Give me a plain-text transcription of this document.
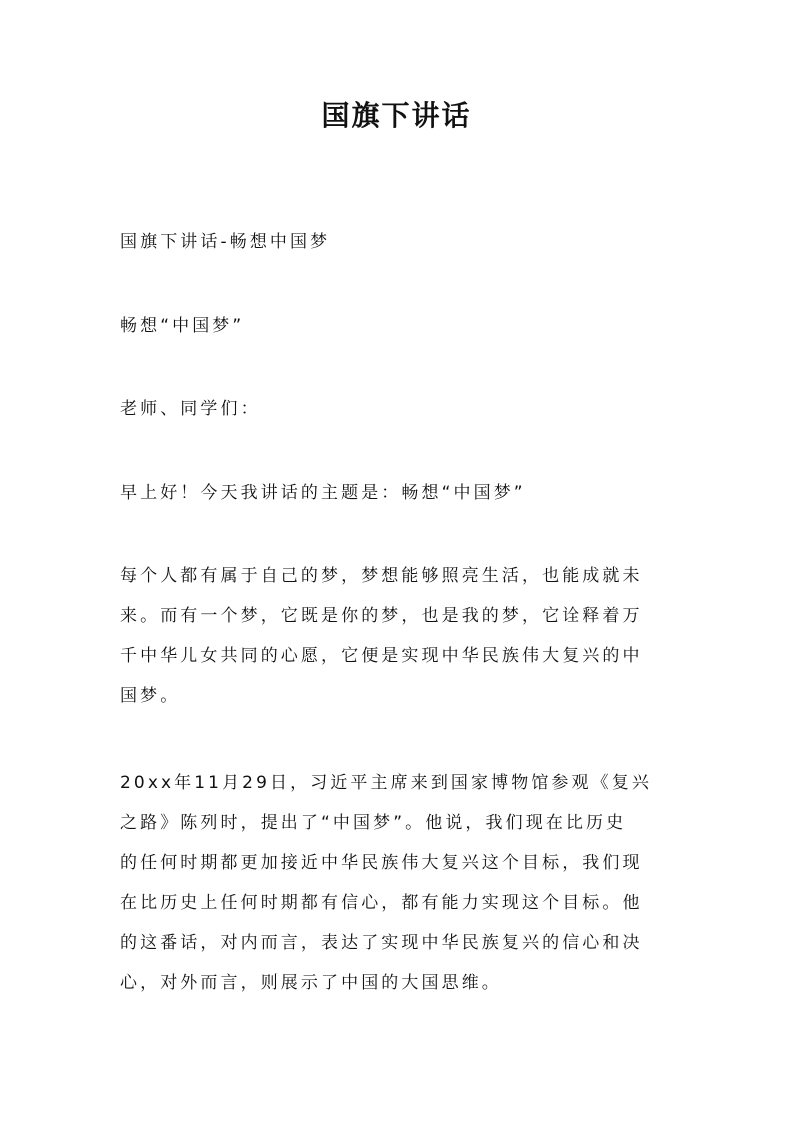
国旗下讲话

国旗下讲话-畅想中国梦

畅想“中国梦”

老师、同学们：

早上好！今天我讲话的主题是：畅想“中国梦”

每个人都有属于自己的梦，梦想能够照亮生活，也能成就未
来。而有一个梦，它既是你的梦，也是我的梦，它诠释着万
千中华儿女共同的心愿，它便是实现中华民族伟大复兴的中
国梦。

20xx年11月29日，习近平主席来到国家博物馆参观《复兴
之路》陈列时，提出了“中国梦”。他说，我们现在比历史
的任何时期都更加接近中华民族伟大复兴这个目标，我们现
在比历史上任何时期都有信心，都有能力实现这个目标。他
的这番话，对内而言，表达了实现中华民族复兴的信心和决
心，对外而言，则展示了中国的大国思维。
